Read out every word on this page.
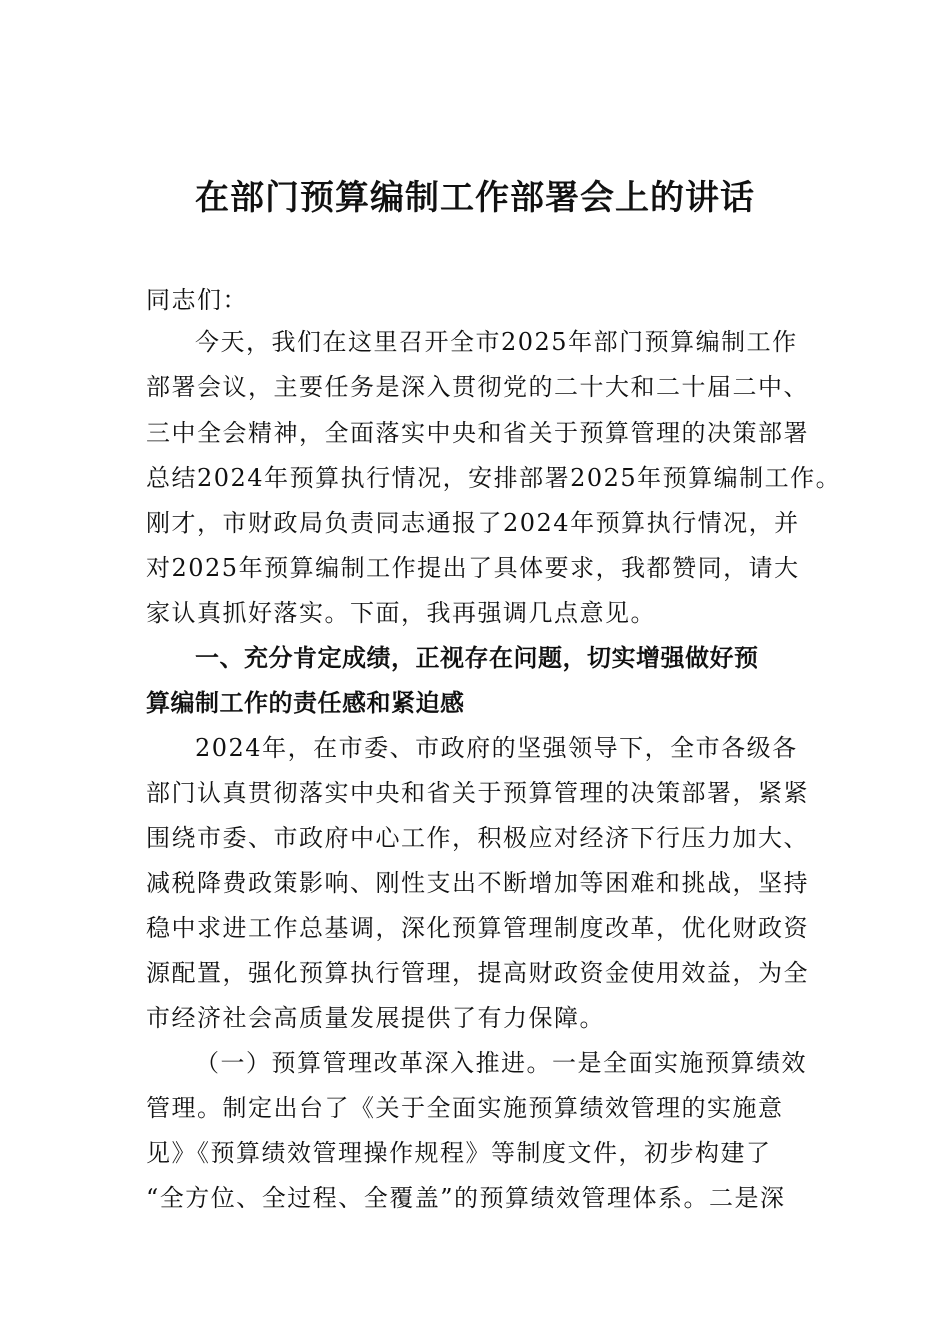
在部门预算编制工作部署会上的讲话
同志们：
今天，我们在这里召开全市2025年部门预算编制工作
部署会议，主要任务是深入贯彻党的二十大和二十届二中、
三中全会精神，全面落实中央和省关于预算管理的决策部署
总结2024年预算执行情况，安排部署2025年预算编制工作。
刚才，市财政局负责同志通报了2024年预算执行情况，并
对2025年预算编制工作提出了具体要求，我都赞同，请大
家认真抓好落实。下面，我再强调几点意见。
一、充分肯定成绩，正视存在问题，切实增强做好预
算编制工作的责任感和紧迫感
2024年，在市委、市政府的坚强领导下，全市各级各
部门认真贯彻落实中央和省关于预算管理的决策部署，紧紧
围绕市委、市政府中心工作，积极应对经济下行压力加大、
减税降费政策影响、刚性支出不断增加等困难和挑战，坚持
稳中求进工作总基调，深化预算管理制度改革，优化财政资
源配置，强化预算执行管理，提高财政资金使用效益，为全
市经济社会高质量发展提供了有力保障。
（一）预算管理改革深入推进。一是全面实施预算绩效
管理。制定出台了《关于全面实施预算绩效管理的实施意
见》《预算绩效管理操作规程》等制度文件，初步构建了
“全方位、全过程、全覆盖”的预算绩效管理体系。二是深
